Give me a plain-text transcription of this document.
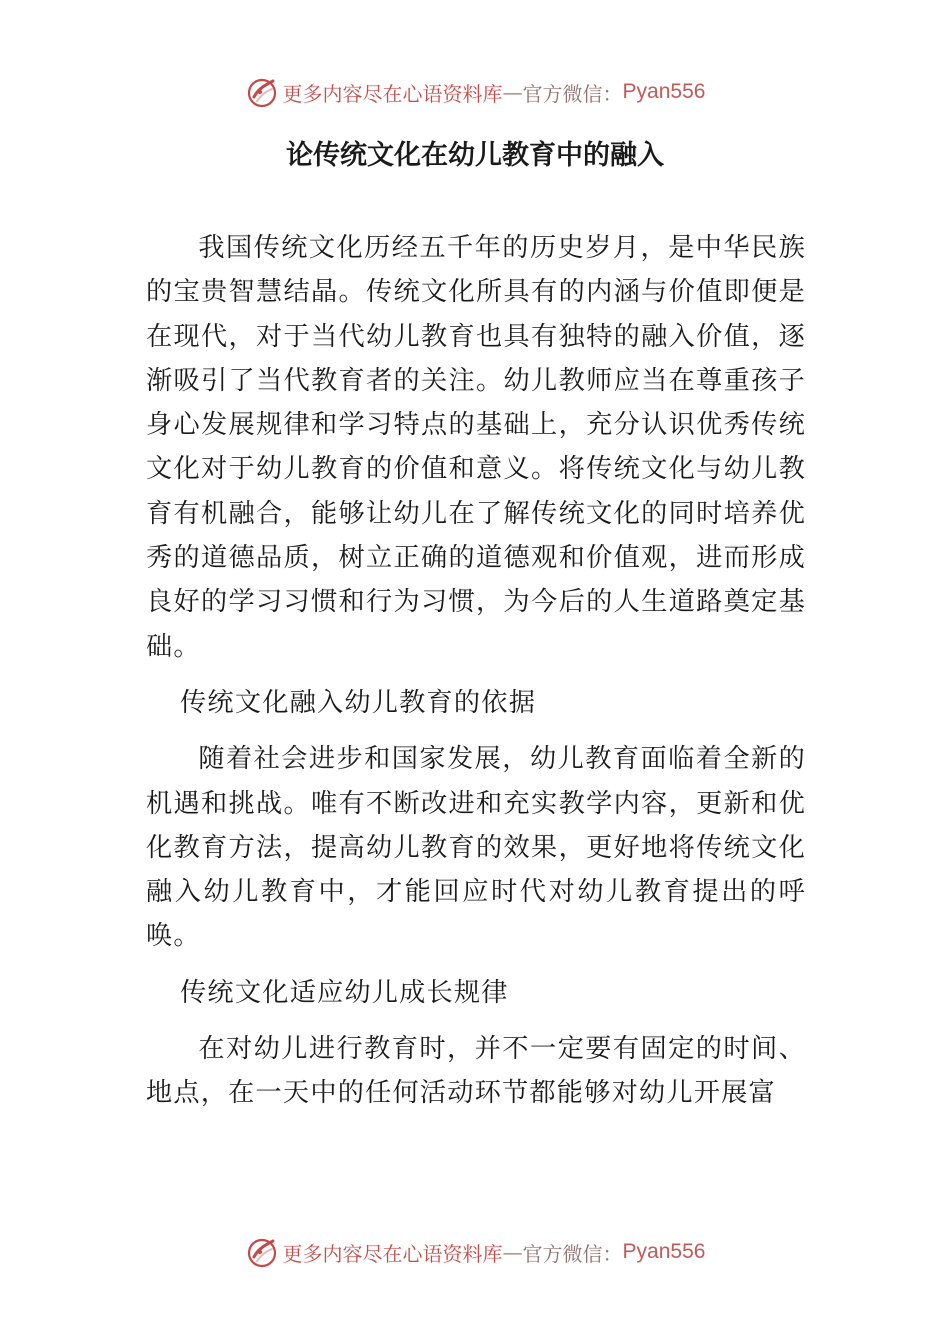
更多内容尽在心语资料库 — 官方微信： Pyan556
论传统文化在幼儿教育中的融入

我国传统文化历经五千年的历史岁月，是中华民族的宝贵智慧结晶。传统文化所具有的内涵与价值即便是在现代，对于当代幼儿教育也具有独特的融入价值，逐渐吸引了当代教育者的关注。幼儿教师应当在尊重孩子身心发展规律和学习特点的基础上，充分认识优秀传统文化对于幼儿教育的价值和意义。将传统文化与幼儿教育有机融合，能够让幼儿在了解传统文化的同时培养优秀的道德品质，树立正确的道德观和价值观，进而形成良好的学习习惯和行为习惯，为今后的人生道路奠定基础。

传统文化融入幼儿教育的依据

随着社会进步和国家发展，幼儿教育面临着全新的机遇和挑战。唯有不断改进和充实教学内容，更新和优化教育方法，提高幼儿教育的效果，更好地将传统文化融入幼儿教育中，才能回应时代对幼儿教育提出的呼唤。

传统文化适应幼儿成长规律

在对幼儿进行教育时，并不一定要有固定的时间、地点，在一天中的任何活动环节都能够对幼儿开展富

更多内容尽在心语资料库 — 官方微信： Pyan556
